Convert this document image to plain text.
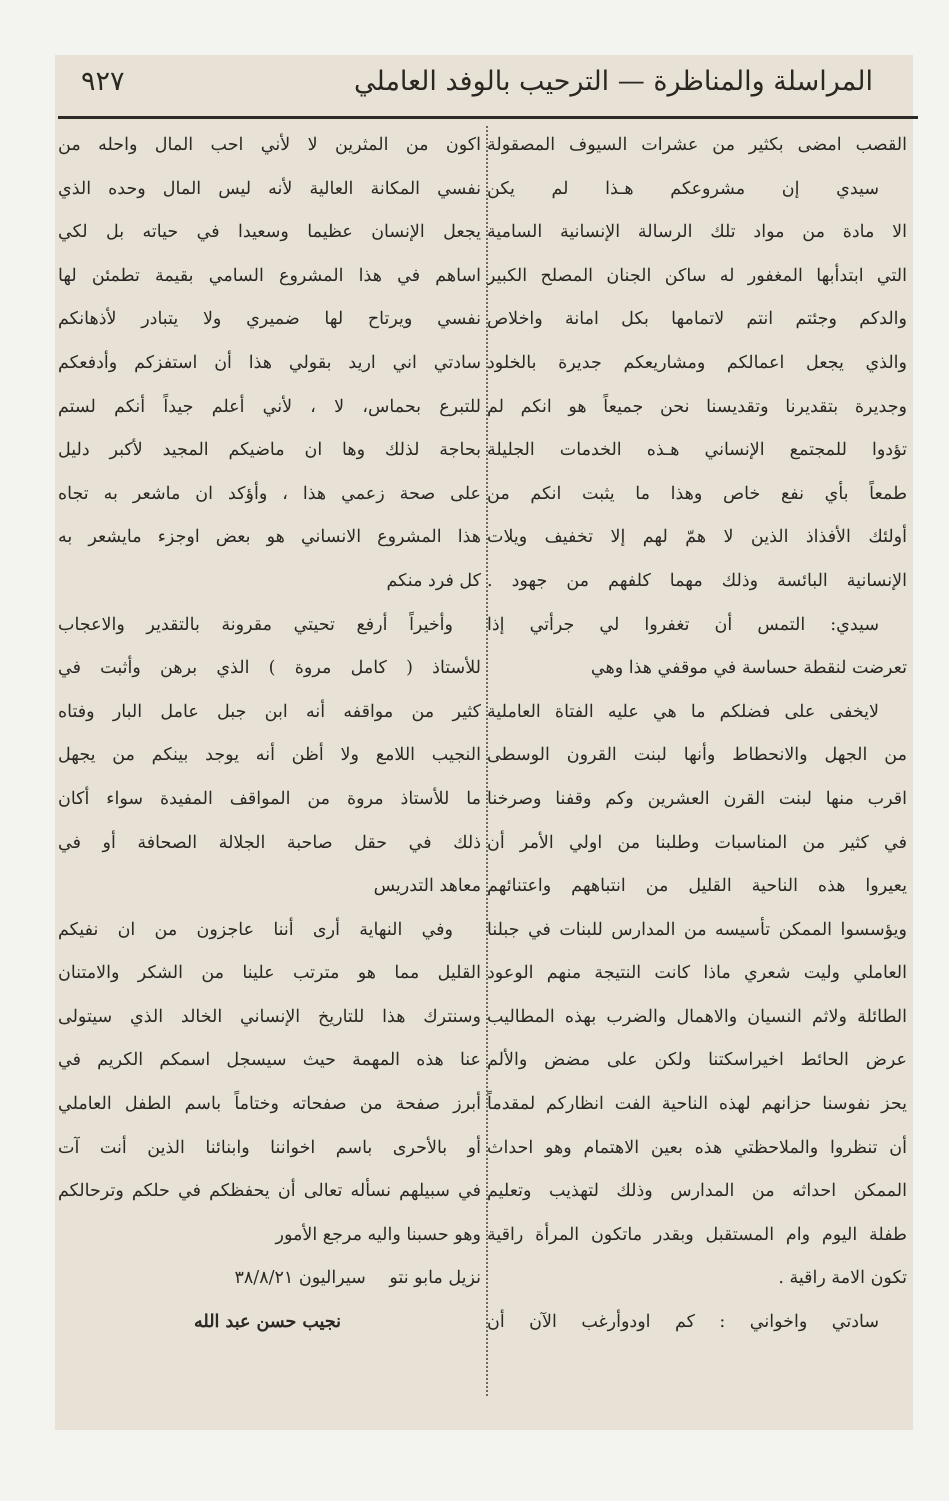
المراسلة والمناظرة — الترحيب بالوفد العاملي
٩٢٧
القصب امضى بكثير من عشرات السيوف المصقولة
سيدي إن مشروعكم هـذا لم يكن
الا مادة من مواد تلك الرسالة الإنسانية السامية
التي ابتدأبها المغفور له ساكن الجنان المصلح الكبير
والدكم وجئتم انتم لاتمامها بكل امانة واخلاص
والذي يجعل اعمالكم ومشاريعكم جديرة بالخلود
وجديرة بتقديرنا وتقديسنا نحن جميعاً هو انكم لم
تؤدوا للمجتمع الإنساني هـذه الخدمات الجليلة
طمعاً بأي نفع خاص وهذا ما يثبت انكم من
أولئك الأفذاذ الذين لا همّ لهم إلا تخفيف ويلات
الإنسانية البائسة وذلك مهما كلفهم من جهود .
سيدي: التمس أن تغفروا لي جرأتي إذا
تعرضت لنقطة حساسة في موقفي هذا وهي
لايخفى على فضلكم ما هي عليه الفتاة العاملية
من الجهل والانحطاط وأنها لبنت القرون الوسطى
اقرب منها لبنت القرن العشرين وكم وقفنا وصرخنا
في كثير من المناسبات وطلبنا من اولي الأمر أن
يعيروا هذه الناحية القليل من انتباههم واعتنائهم
ويؤسسوا الممكن تأسيسه من المدارس للبنات في جبلنا
العاملي وليت شعري ماذا كانت النتيجة منهم الوعود
الطائلة ولاثم النسيان والاهمال والضرب بهذه المطاليب
عرض الحائط اخيراسكتنا ولكن على مضض والألم
يحز نفوسنا حزانهم لهذه الناحية الفت انظاركم لمقدماً
أن تنظروا والملاحظتي هذه بعين الاهتمام وهو احداث
الممكن احداثه من المدارس وذلك لتهذيب وتعليم
طفلة اليوم وام المستقبل وبقدر ماتكون المرأة راقية
تكون الامة راقية .
سادتي واخواني : كم اودوأرغب الآن أن
اكون من المثرين لا لأني احب المال واحله من
نفسي المكانة العالية لأنه ليس المال وحده الذي
يجعل الإنسان عظيما وسعيدا في حياته بل لكي
اساهم في هذا المشروع السامي بقيمة تطمئن لها
نفسي ويرتاح لها ضميري ولا يتبادر لأذهانكم
سادتي اني اريد بقولي هذا أن استفزكم وأدفعكم
للتبرع بحماس، لا ، لأني أعلم جيداً أنكم لستم
بحاجة لذلك وها ان ماضيكم المجيد لأكبر دليل
على صحة زعمي هذا ، وأؤكد ان ماشعر به تجاه
هذا المشروع الانساني هو بعض اوجزء مايشعر به
كل فرد منكم
وأخيراً أرفع تحيتي مقرونة بالتقدير والاعجاب
للأستاذ ( كامل مروة ) الذي برهن وأثبت في
كثير من مواقفه أنه ابن جبل عامل البار وفتاه
النجيب اللامع ولا أظن أنه يوجد بينكم من يجهل
ما للأستاذ مروة من المواقف المفيدة سواء أكان
ذلك في حقل صاحبة الجلالة الصحافة أو في
معاهد التدريس
وفي النهاية أرى أننا عاجزون من ان نفيكم
القليل مما هو مترتب علينا من الشكر والامتنان
وسنترك هذا للتاريخ الإنساني الخالد الذي سيتولى
عنا هذه المهمة حيث سيسجل اسمكم الكريم في
أبرز صفحة من صفحاته وختاماً باسم الطفل العاملي
أو بالأحرى باسم اخواننا وابنائنا الذين أنت آت
في سبيلهم نسأله تعالى أن يحفظكم في حلكم وترحالكم
وهو حسبنا واليه مرجع الأمور
نزيل مابو نتو سيراليون ٣٨/٨/٢١
نجيب حسن عبد الله
